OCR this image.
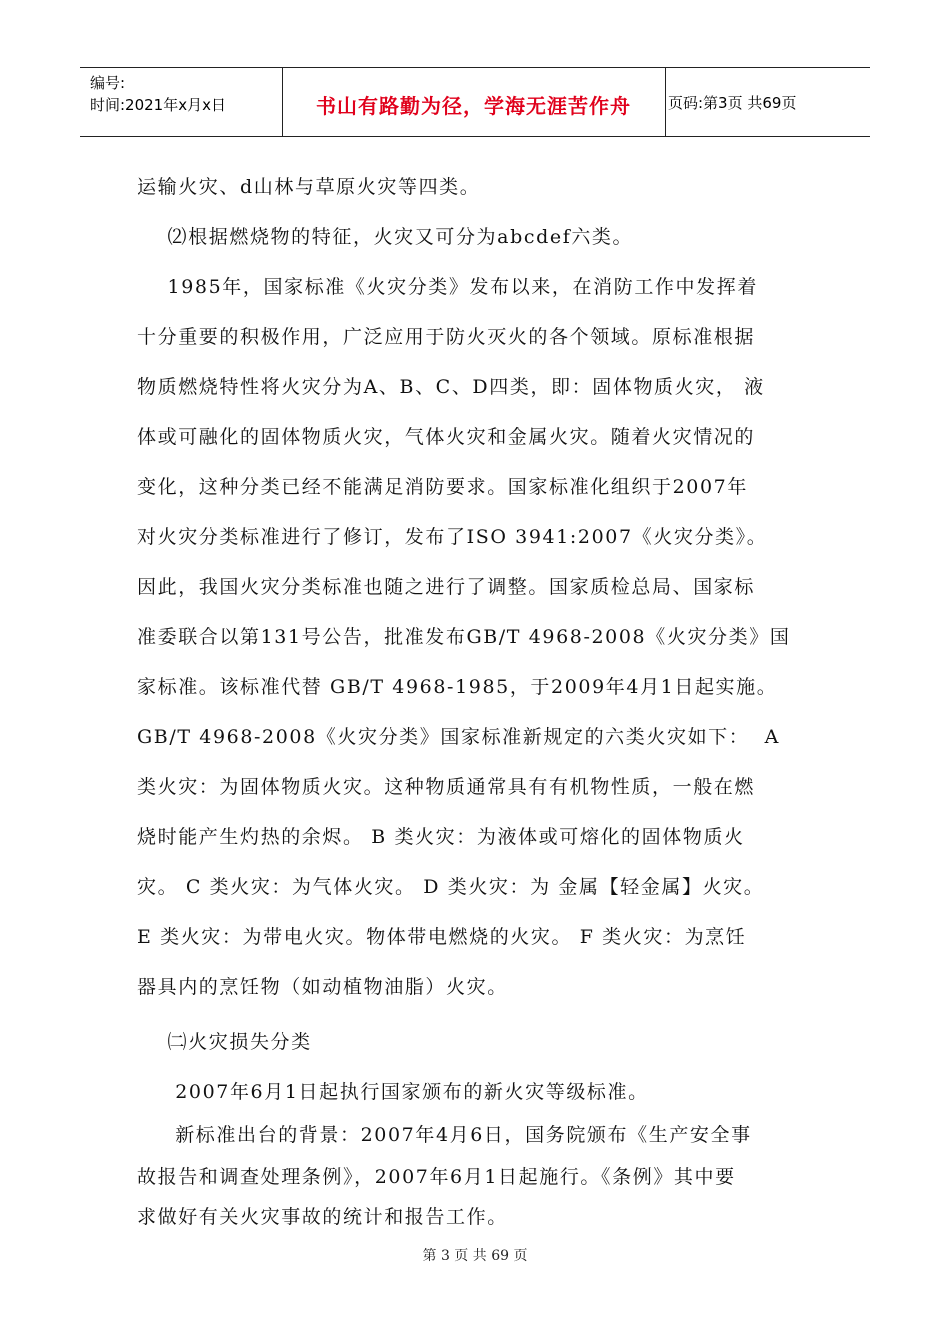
编号:
时间:2021年x月x日	书山有路勤为径，学海无涯苦作舟	页码:第3页 共69页
运输火灾、d山林与草原火灾等四类。
⑵根据燃烧物的特征，火灾又可分为abcdef六类。
1985年，国家标准《火灾分类》发布以来，在消防工作中发挥着
十分重要的积极作用，广泛应用于防火灭火的各个领域。原标准根据
物质燃烧特性将火灾分为A、B、C、D四类，即：固体物质火灾， 液
体或可融化的固体物质火灾，气体火灾和金属火灾。随着火灾情况的
变化，这种分类已经不能满足消防要求。国家标准化组织于2007年
对火灾分类标准进行了修订，发布了ISO 3941:2007《火灾分类》。
因此，我国火灾分类标准也随之进行了调整。国家质检总局、国家标
准委联合以第131号公告，批准发布GB/T 4968-2008《火灾分类》国
家标准。该标准代替 GB/T 4968-1985，于2009年4月1日起实施。
GB/T 4968-2008《火灾分类》国家标准新规定的六类火灾如下：  A
类火灾：为固体物质火灾。这种物质通常具有有机物性质，一般在燃
烧时能产生灼热的余烬。 B 类火灾：为液体或可熔化的固体物质火
灾。 C 类火灾：为气体火灾。 D 类火灾：为 金属【轻金属】火灾。
E 类火灾：为带电火灾。物体带电燃烧的火灾。 F 类火灾：为烹饪
器具内的烹饪物（如动植物油脂）火灾。
㈡火灾损失分类
2007年6月1日起执行国家颁布的新火灾等级标准。
新标准出台的背景：2007年4月6日，国务院颁布《生产安全事
故报告和调查处理条例》，2007年6月1日起施行。《条例》其中要
求做好有关火灾事故的统计和报告工作。
第 3 页 共 69 页
